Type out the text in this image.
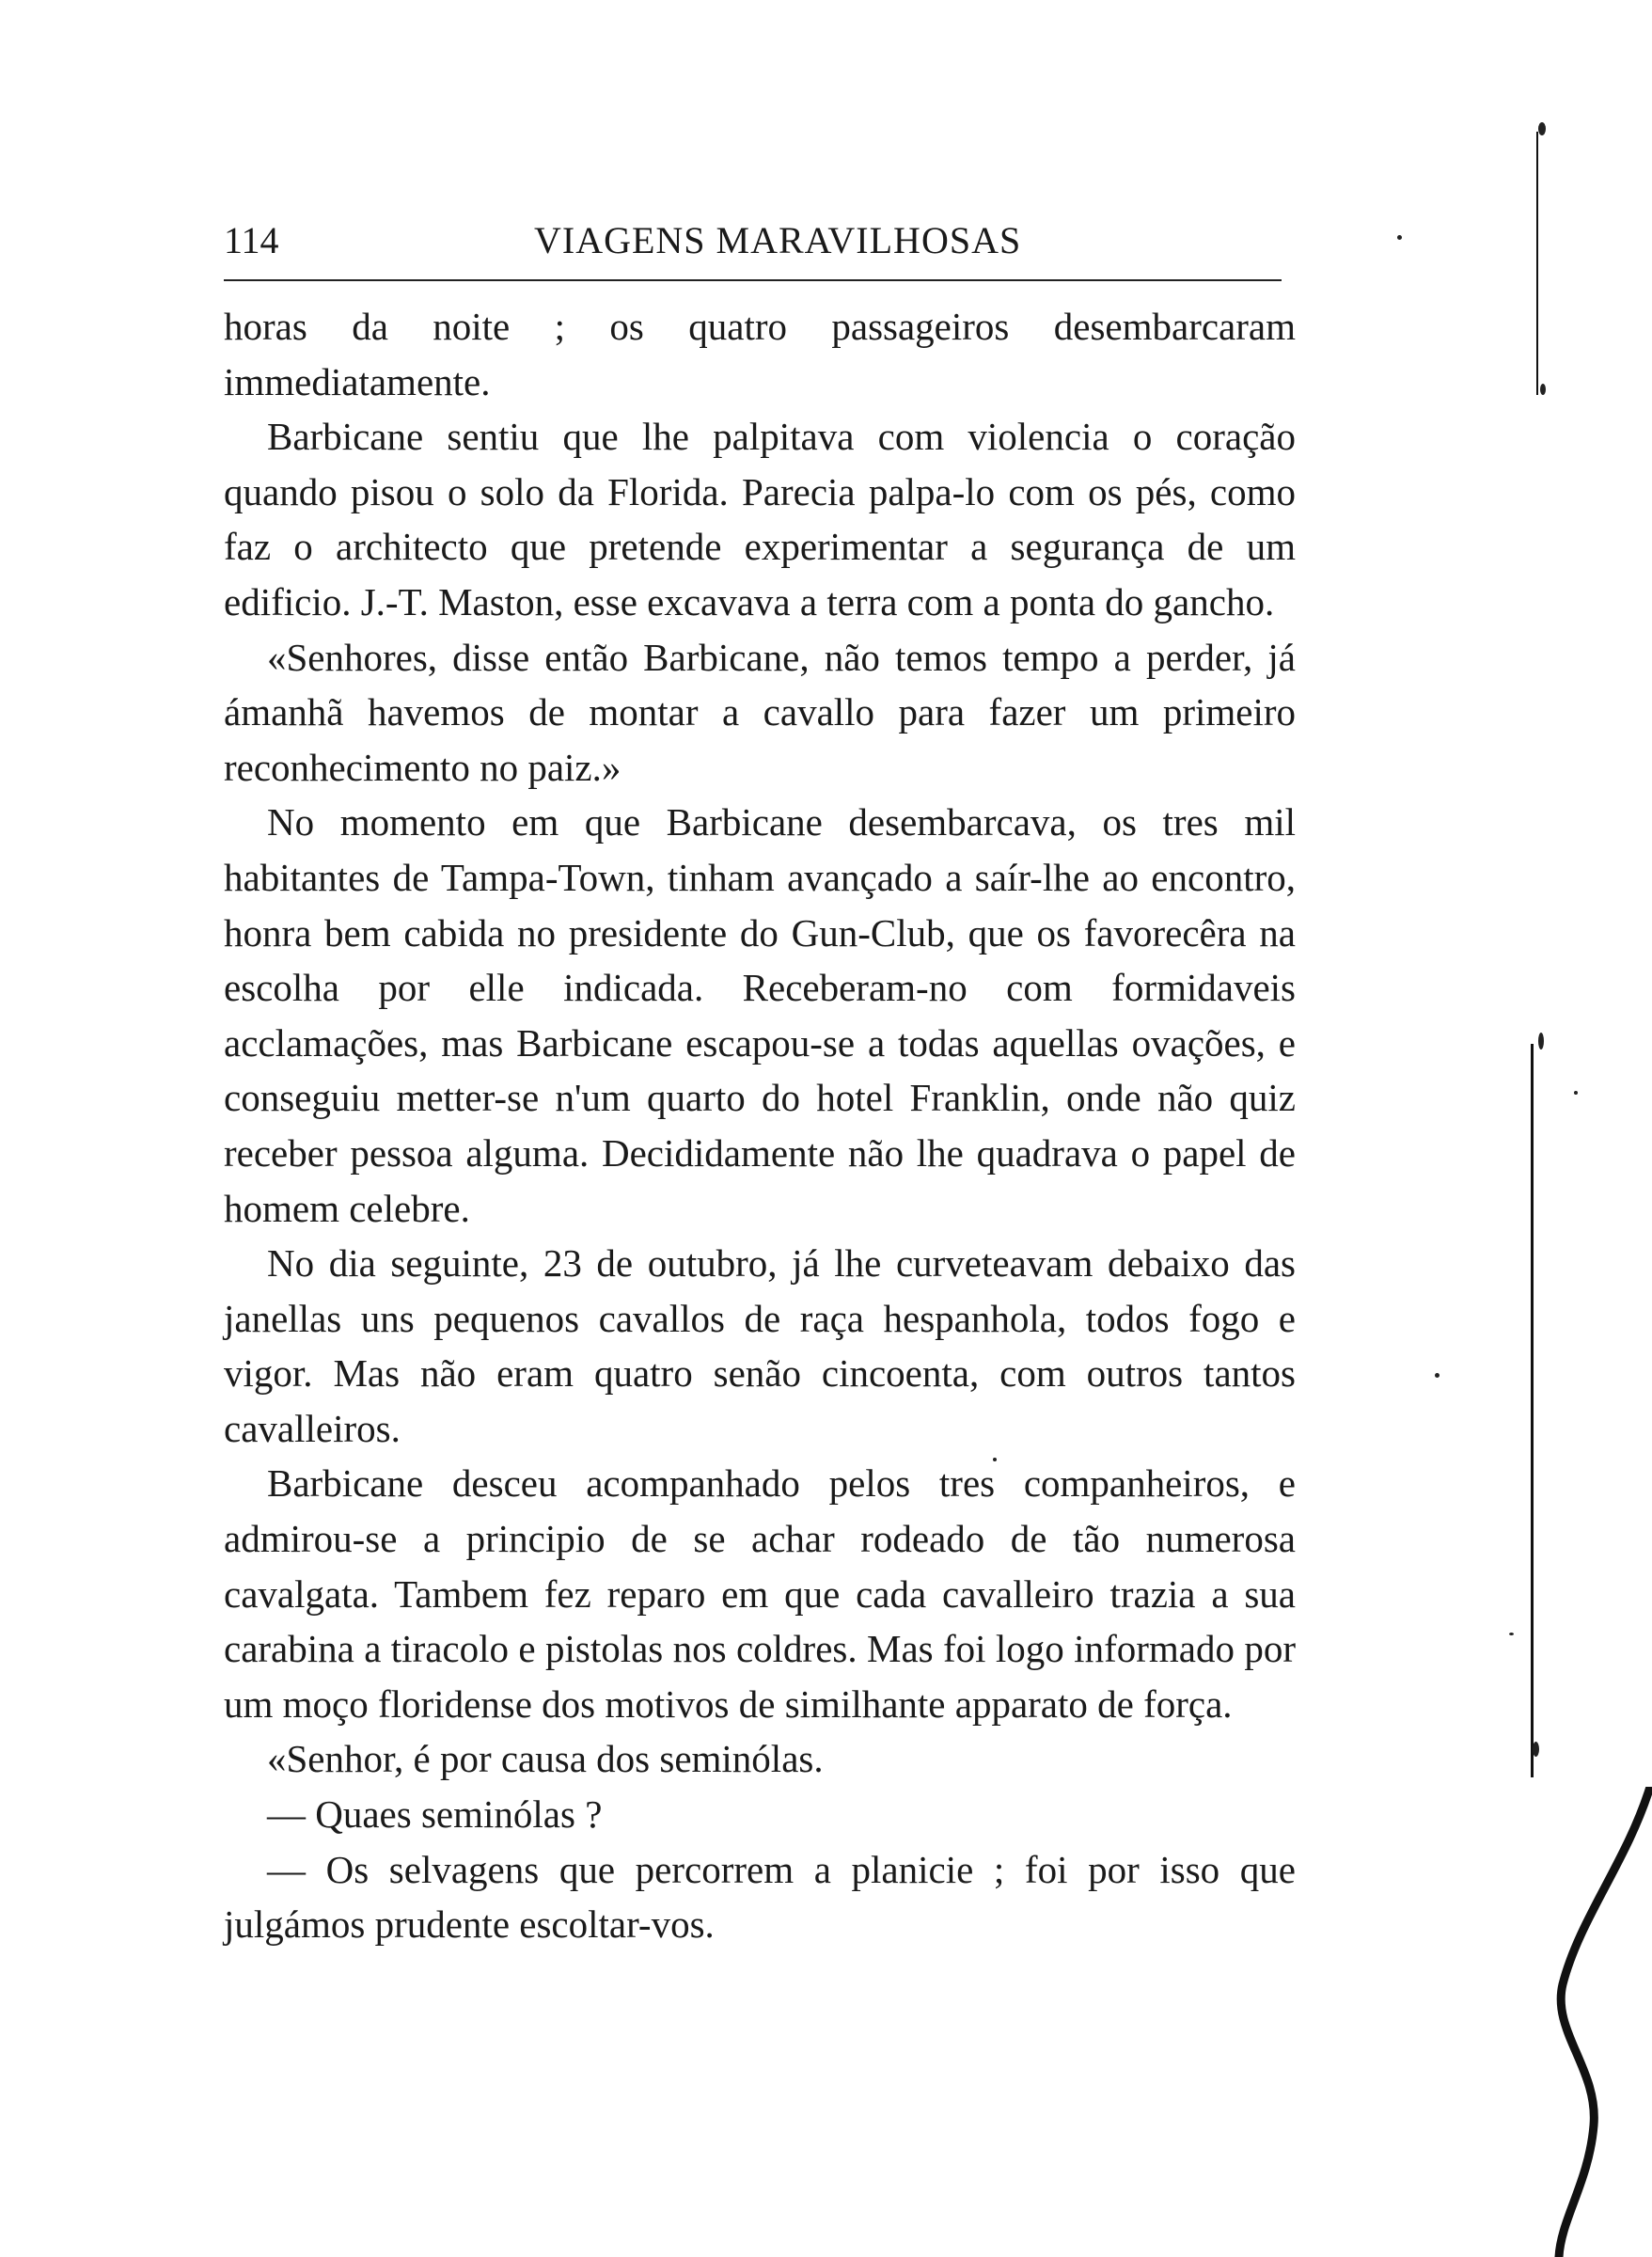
114	VIAGENS MARAVILHOSAS

horas da noite ; os quatro passageiros desembarcaram immediatamente.

Barbicane sentiu que lhe palpitava com violencia o coração quando pisou o solo da Florida. Parecia palpa-lo com os pés, como faz o architecto que pretende experimentar a segurança de um edificio. J.-T. Maston, esse excavava a terra com a ponta do gancho.

«Senhores, disse então Barbicane, não temos tempo a perder, já ámanhã havemos de montar a cavallo para fazer um primeiro reconhecimento no paiz.»

No momento em que Barbicane desembarcava, os tres mil habitantes de Tampa-Town, tinham avançado a saír-lhe ao encontro, honra bem cabida no presidente do Gun-Club, que os favorecêra na escolha por elle indicada. Receberam-no com formidaveis acclamações, mas Barbicane escapou-se a todas aquellas ovações, e conseguiu metter-se n'um quarto do hotel Franklin, onde não quiz receber pessoa alguma. Decididamente não lhe quadrava o papel de homem celebre.

No dia seguinte, 23 de outubro, já lhe curveteavam debaixo das janellas uns pequenos cavallos de raça hespanhola, todos fogo e vigor. Mas não eram quatro senão cincoenta, com outros tantos cavalleiros.

Barbicane desceu acompanhado pelos tres companheiros, e admirou-se a principio de se achar rodeado de tão numerosa cavalgata. Tambem fez reparo em que cada cavalleiro trazia a sua carabina a tiracolo e pistolas nos coldres. Mas foi logo informado por um moço floridense dos motivos de similhante apparato de força.

«Senhor, é por causa dos seminólas.

— Quaes seminólas ?

— Os selvagens que percorrem a planicie ; foi por isso que julgámos prudente escoltar-vos.
